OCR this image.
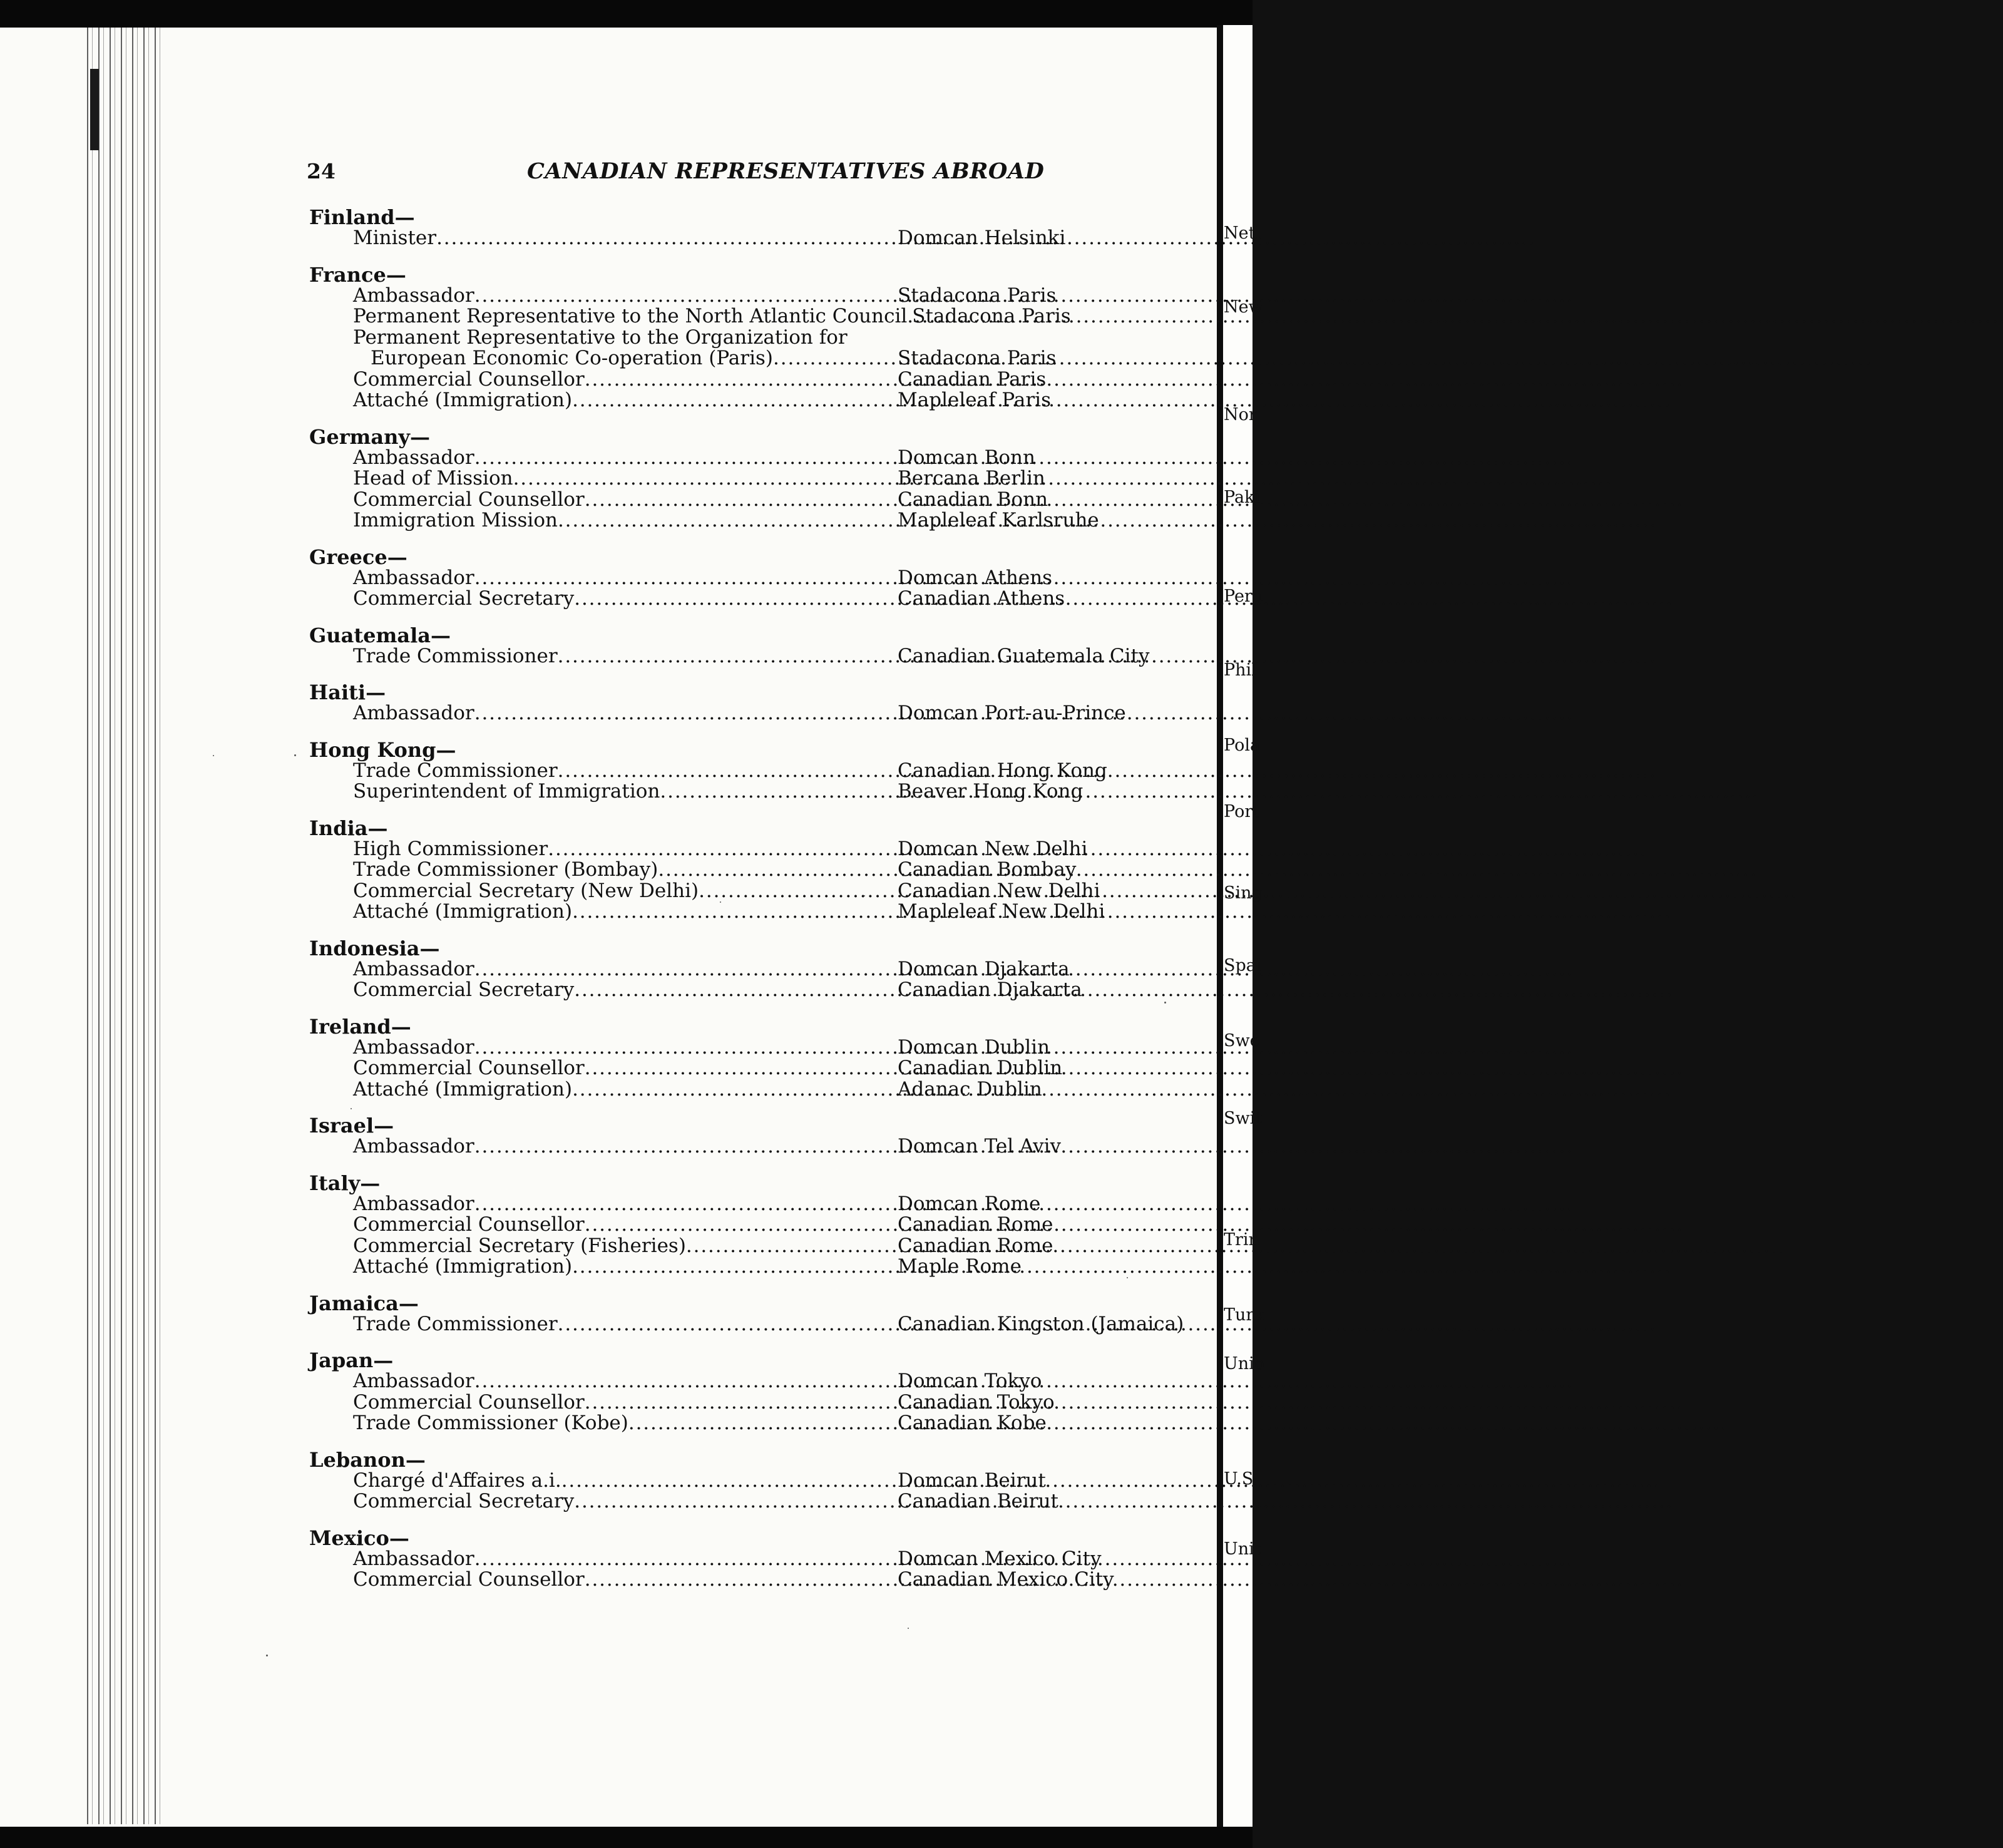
24	CANADIAN REPRESENTATIVES ABROAD
Finland—
Minister . . .	Domcan Helsinki
France—
Ambassador . . .	Stadacona Paris
Permanent Representative to the North Atlantic Council . . . Stadacona Paris
Permanent Representative to the Organization for
European Economic Co-operation (Paris) . . .	Stadacona Paris
Commercial Counsellor . . .	Canadian Paris
Attaché (Immigration) . . .	Mapleleaf Paris
Germany—
Ambassador . . .	Domcan Bonn
Head of Mission . . .	Bercana Berlin
Commercial Counsellor . . .	Canadian Bonn
Immigration Mission . . .	Mapleleaf Karlsruhe
Greece—
Ambassador . . .	Domcan Athens
Commercial Secretary . . .	Canadian Athens
Guatemala—
Trade Commissioner . . .	Canadian Guatemala City
Haiti—
Ambassador . . .	Domcan Port-au-Prince
Hong Kong—
Trade Commissioner . . .	Canadian Hong Kong
Superintendent of Immigration . . .	Beaver Hong Kong
India—
High Commissioner . . .	Domcan New Delhi
Trade Commissioner (Bombay) . . .	Canadian Bombay
Commercial Secretary (New Delhi) . . .	Canadian New Delhi
Attaché (Immigration) . . .	Mapleleaf New Delhi
Indonesia—
Ambassador . . .	Domcan Djakarta
Commercial Secretary . . .	Canadian Djakarta
Ireland—
Ambassador . . .	Domcan Dublin
Commercial Counsellor . . .	Canadian Dublin
Attaché (Immigration) . . .	Adanac Dublin
Israel—
Ambassador . . .	Domcan Tel Aviv
Italy—
Ambassador . . .	Domcan Rome
Commercial Counsellor . . .	Canadian Rome
Commercial Secretary (Fisheries) . . .	Canadian Rome
Attaché (Immigration) . . .	Maple Rome
Jamaica—
Trade Commissioner . . .	Canadian Kingston (Jamaica)
Japan—
Ambassador . . .	Domcan Tokyo
Commercial Counsellor . . .	Canadian Tokyo
Trade Commissioner (Kobe) . . .	Canadian Kobe
Lebanon—
Chargé d'Affaires a.i. . . .	Domcan Beirut
Commercial Secretary . . .	Canadian Beirut
Mexico—
Ambassador . . .	Domcan Mexico City
Commercial Counsellor . . .	Canadian Mexico City
Netl
New
Nor
Paki
Peru
Phil
Pola
Port
Sing
Spai
Swe
Swit
Trin
Turk
Unio
U.S.
Unit
